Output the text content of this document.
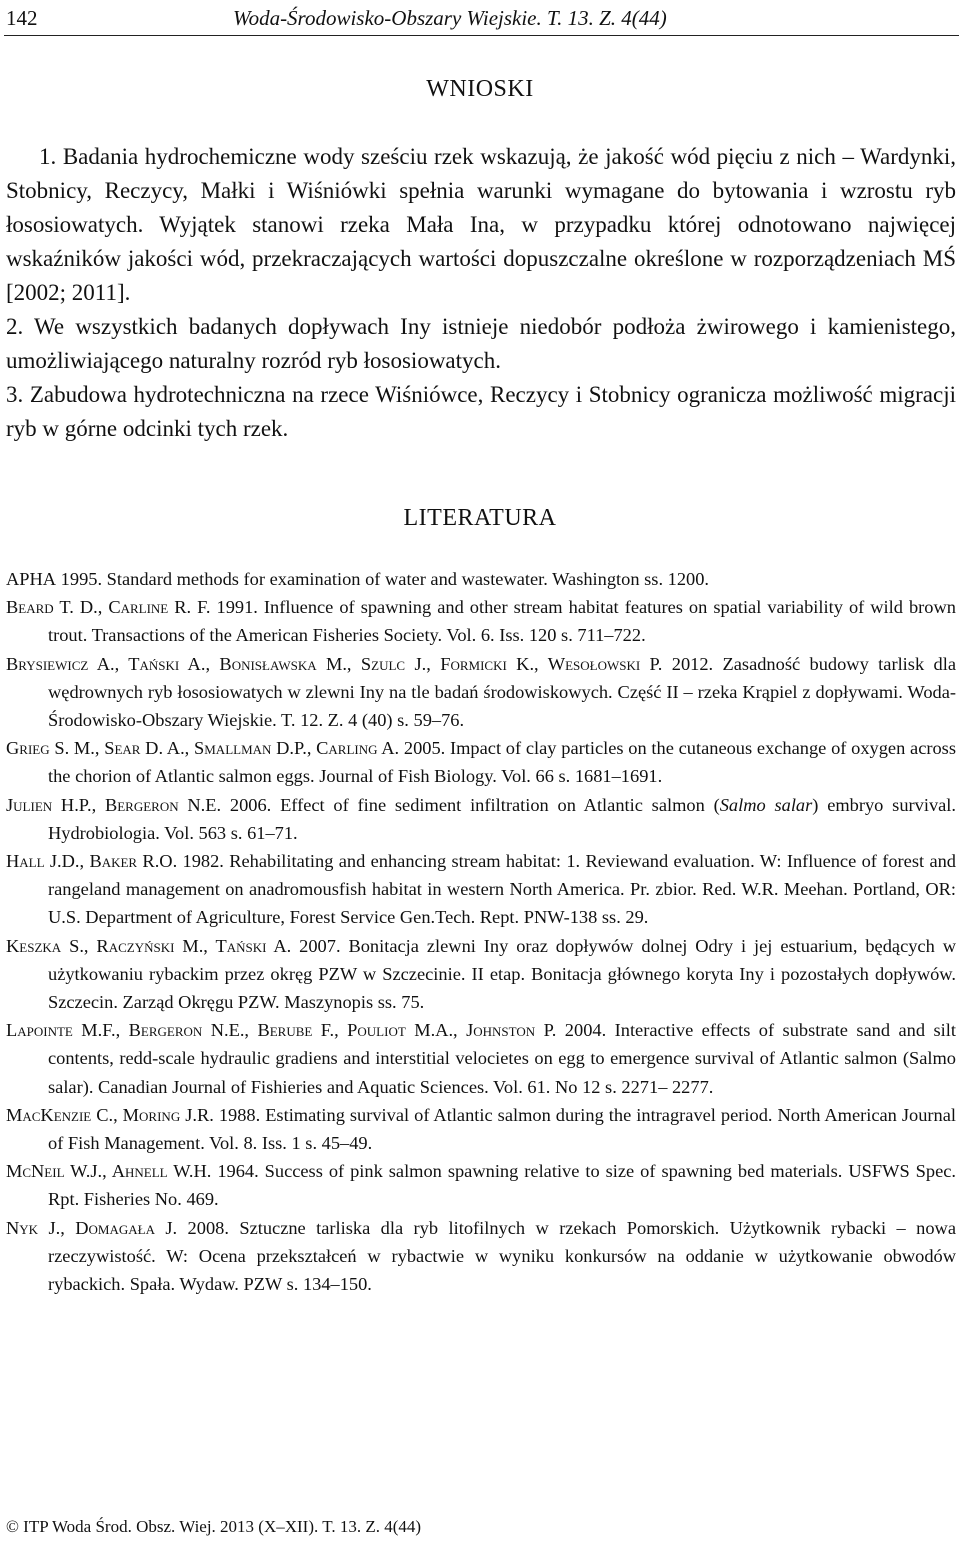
142	Woda-Środowisko-Obszary Wiejskie. T. 13. Z. 4(44)
WNIOSKI

1. Badania hydrochemiczne wody sześciu rzek wskazują, że jakość wód pięciu z nich – Wardynki, Stobnicy, Reczycy, Małki i Wiśniówki spełnia warunki wymagane do bytowania i wzrostu ryb łososiowatych. Wyjątek stanowi rzeka Mała Ina, w przypadku której odnotowano najwięcej wskaźników jakości wód, przekraczających wartości dopuszczalne określone w rozporządzeniach MŚ [2002; 2011].

2. We wszystkich badanych dopływach Iny istnieje niedobór podłoża żwirowego i kamienistego, umożliwiającego naturalny rozród ryb łososiowatych.

3. Zabudowa hydrotechniczna na rzece Wiśniówce, Reczycy i Stobnicy ogranicza możliwość migracji ryb w górne odcinki tych rzek.

LITERATURA

APHA 1995. Standard methods for examination of water and wastewater. Washington ss. 1200.

Beard T. D., Carline R. F. 1991. Influence of spawning and other stream habitat features on spatial variability of wild brown trout. Transactions of the American Fisheries Society. Vol. 6. Iss. 120 s. 711–722.

Brysiewicz A., Tański A., Bonisławska M., Szulc J., Formicki K., Wesołowski P. 2012. Zasadność budowy tarlisk dla wędrownych ryb łososiowatych w zlewni Iny na tle badań środowiskowych. Część II – rzeka Krąpiel z dopływami. Woda-Środowisko-Obszary Wiejskie. T. 12. Z. 4 (40) s. 59–76.

Grieg S. M., Sear D. A., Smallman D.P., Carling A. 2005. Impact of clay particles on the cutaneous exchange of oxygen across the chorion of Atlantic salmon eggs. Journal of Fish Biology. Vol. 66 s. 1681–1691.

Julien H.P., Bergeron N.E. 2006. Effect of fine sediment infiltration on Atlantic salmon (Salmo salar) embryo survival. Hydrobiologia. Vol. 563 s. 61–71.

Hall J.D., Baker R.O. 1982. Rehabilitating and enhancing stream habitat: 1. Reviewand evaluation. W: Influence of forest and rangeland management on anadromousfish habitat in western North America. Pr. zbior. Red. W.R. Meehan. Portland, OR: U.S. Department of Agriculture, Forest Service Gen.Tech. Rept. PNW-138 ss. 29.

Keszka S., Raczyński M., Tański A. 2007. Bonitacja zlewni Iny oraz dopływów dolnej Odry i jej estuarium, będących w użytkowaniu rybackim przez okręg PZW w Szczecinie. II etap. Bonitacja głównego koryta Iny i pozostałych dopływów. Szczecin. Zarząd Okręgu PZW. Maszynopis ss. 75.

Lapointe M.F., Bergeron N.E., Berube F., Pouliot M.A., Johnston P. 2004. Interactive effects of substrate sand and silt contents, redd-scale hydraulic gradiens and interstitial velocietes on egg to emergence survival of Atlantic salmon (Salmo salar). Canadian Journal of Fishieries and Aquatic Sciences. Vol. 61. No 12 s. 2271– 2277.

MacKenzie C., Moring J.R. 1988. Estimating survival of Atlantic salmon during the intragravel period. North American Journal of Fish Management. Vol. 8. Iss. 1 s. 45–49.

McNeil W.J., Ahnell W.H. 1964. Success of pink salmon spawning relative to size of spawning bed materials. USFWS Spec. Rpt. Fisheries No. 469.

Nyk J., Domagała J. 2008. Sztuczne tarliska dla ryb litofilnych w rzekach Pomorskich. Użytkownik rybacki – nowa rzeczywistość. W: Ocena przekształceń w rybactwie w wyniku konkursów na oddanie w użytkowanie obwodów rybackich. Spała. Wydaw. PZW s. 134–150.

© ITP Woda Środ. Obsz. Wiej. 2013 (X–XII). T. 13. Z. 4(44)
